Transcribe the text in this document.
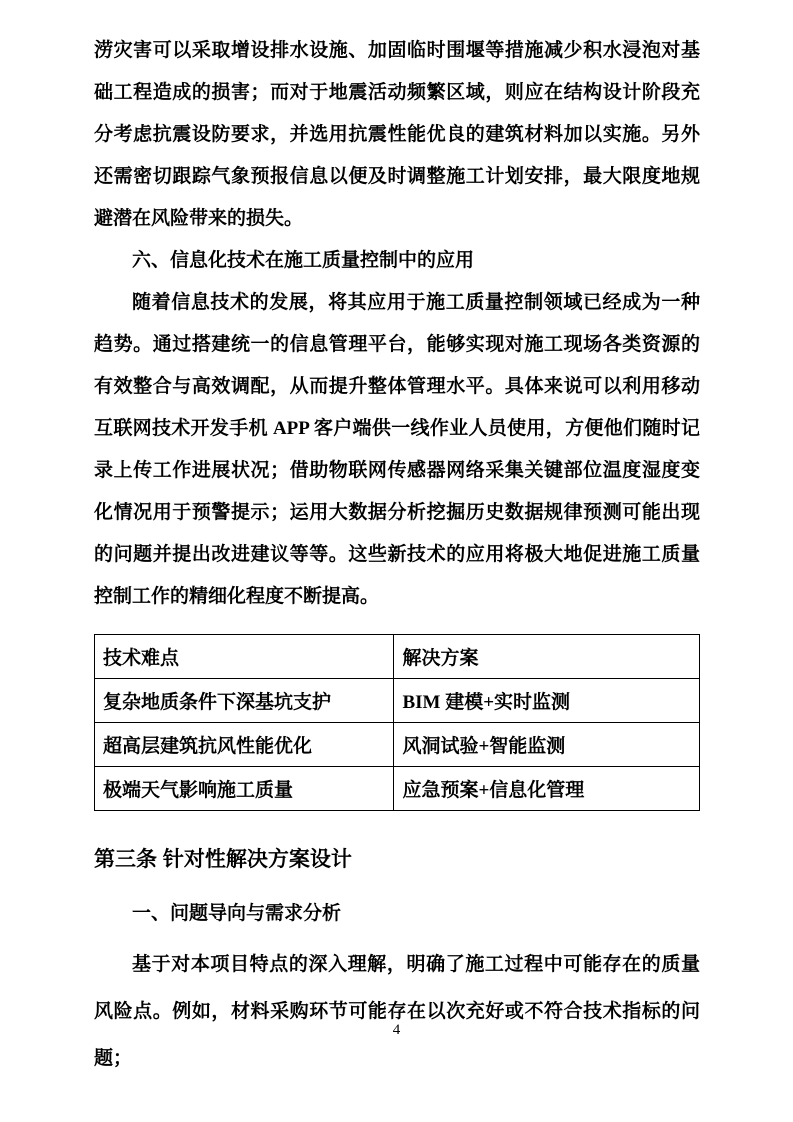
涝灾害可以采取增设排水设施、加固临时围堰等措施减少积水浸泡对基础工程造成的损害；而对于地震活动频繁区域，则应在结构设计阶段充分考虑抗震设防要求，并选用抗震性能优良的建筑材料加以实施。另外还需密切跟踪气象预报信息以便及时调整施工计划安排，最大限度地规避潜在风险带来的损失。

六、信息化技术在施工质量控制中的应用

随着信息技术的发展，将其应用于施工质量控制领域已经成为一种趋势。通过搭建统一的信息管理平台，能够实现对施工现场各类资源的有效整合与高效调配，从而提升整体管理水平。具体来说可以利用移动互联网技术开发手机 APP 客户端供一线作业人员使用，方便他们随时记录上传工作进展状况；借助物联网传感器网络采集关键部位温度湿度变化情况用于预警提示；运用大数据分析挖掘历史数据规律预测可能出现的问题并提出改进建议等等。这些新技术的应用将极大地促进施工质量控制工作的精细化程度不断提高。

技术难点	解决方案
复杂地质条件下深基坑支护	BIM 建模+实时监测
超高层建筑抗风性能优化	风洞试验+智能监测
极端天气影响施工质量	应急预案+信息化管理

第三条 针对性解决方案设计

一、问题导向与需求分析

基于对本项目特点的深入理解，明确了施工过程中可能存在的质量风险点。例如，材料采购环节可能存在以次充好或不符合技术指标的问题；

4
